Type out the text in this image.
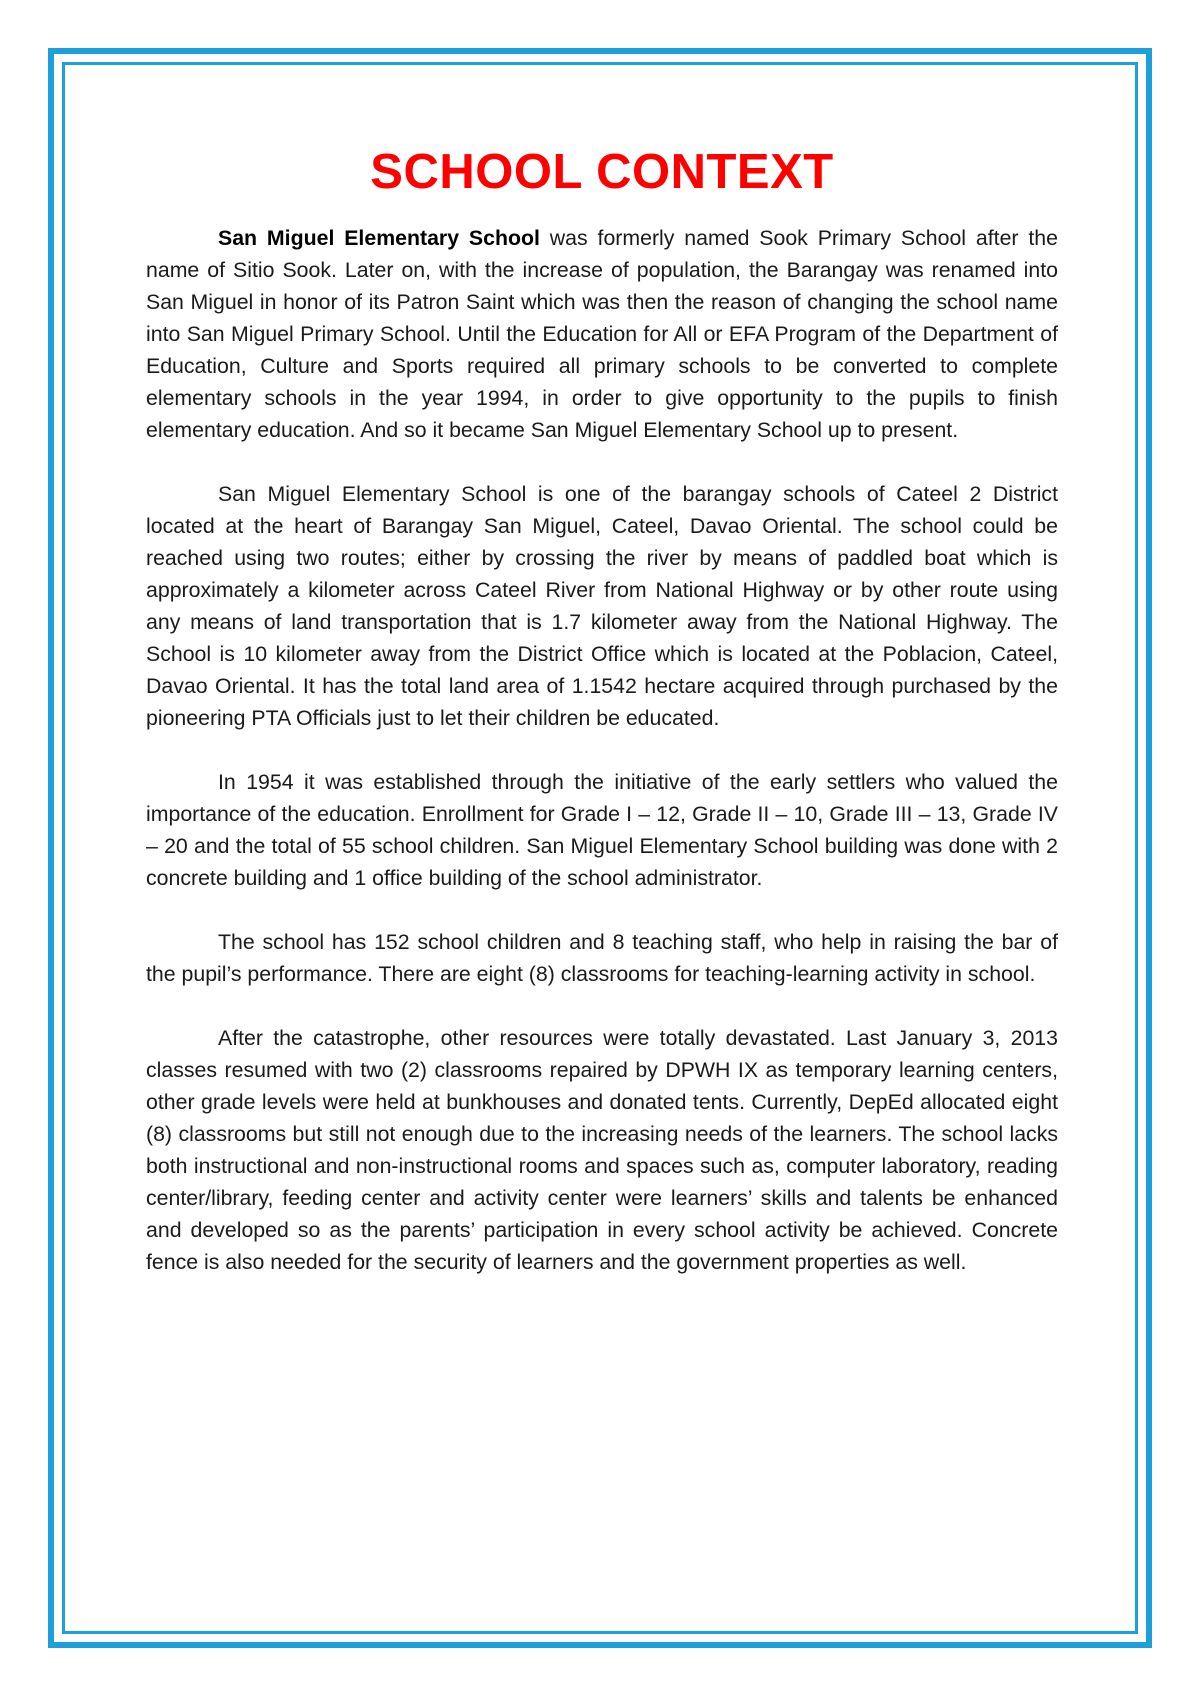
SCHOOL CONTEXT

San Miguel Elementary School was formerly named Sook Primary School after the name of Sitio Sook. Later on, with the increase of population, the Barangay was renamed into San Miguel in honor of its Patron Saint which was then the reason of changing the school name into San Miguel Primary School. Until the Education for All or EFA Program of the Department of Education, Culture and Sports required all primary schools to be converted to complete elementary schools in the year 1994, in order to give opportunity to the pupils to finish elementary education. And so it became San Miguel Elementary School up to present.

San Miguel Elementary School is one of the barangay schools of Cateel 2 District located at the heart of Barangay San Miguel, Cateel, Davao Oriental. The school could be reached using two routes; either by crossing the river by means of paddled boat which is approximately a kilometer across Cateel River from National Highway or by other route using any means of land transportation that is 1.7 kilometer away from the National Highway. The School is 10 kilometer away from the District Office which is located at the Poblacion, Cateel, Davao Oriental. It has the total land area of 1.1542 hectare acquired through purchased by the pioneering PTA Officials just to let their children be educated.

In 1954 it was established through the initiative of the early settlers who valued the importance of the education. Enrollment for Grade I – 12, Grade II – 10, Grade III – 13, Grade IV – 20 and the total of 55 school children. San Miguel Elementary School building was done with 2 concrete building and 1 office building of the school administrator.

The school has 152 school children and 8 teaching staff, who help in raising the bar of the pupil’s performance. There are eight (8) classrooms for teaching-learning activity in school.

After the catastrophe, other resources were totally devastated. Last January 3, 2013 classes resumed with two (2) classrooms repaired by DPWH IX as temporary learning centers, other grade levels were held at bunkhouses and donated tents. Currently, DepEd allocated eight (8) classrooms but still not enough due to the increasing needs of the learners. The school lacks both instructional and non-instructional rooms and spaces such as, computer laboratory, reading center/library, feeding center and activity center were learners’ skills and talents be enhanced and developed so as the parents’ participation in every school activity be achieved. Concrete fence is also needed for the security of learners and the government properties as well.
